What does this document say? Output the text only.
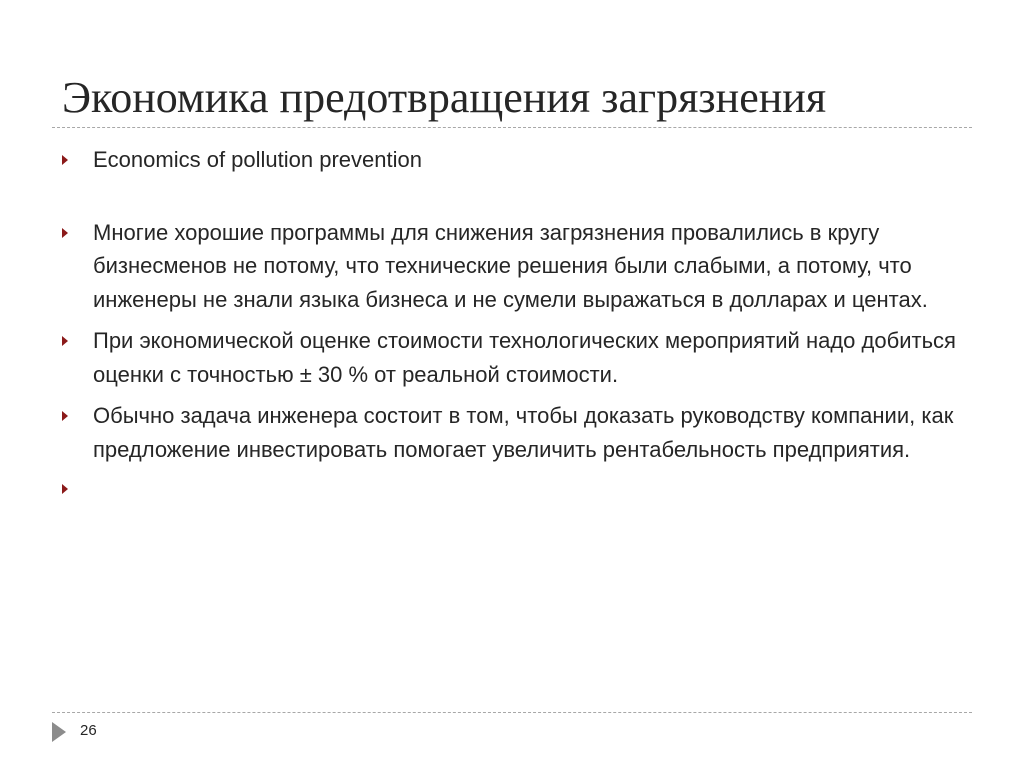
Экономика предотвращения загрязнения
Economics of pollution prevention
Многие хорошие программы для снижения загрязнения провалились в кругу бизнесменов не потому, что технические решения были слабыми, а потому, что инженеры не знали языка бизнеса и не сумели выражаться в долларах и центах.
При экономической оценке стоимости технологических мероприятий надо добиться оценки с точностью ± 30 % от реальной стоимости.
Обычно задача инженера состоит в том, чтобы доказать руководству компании, как предложение инвестировать помогает увеличить рентабельность предприятия.
26
